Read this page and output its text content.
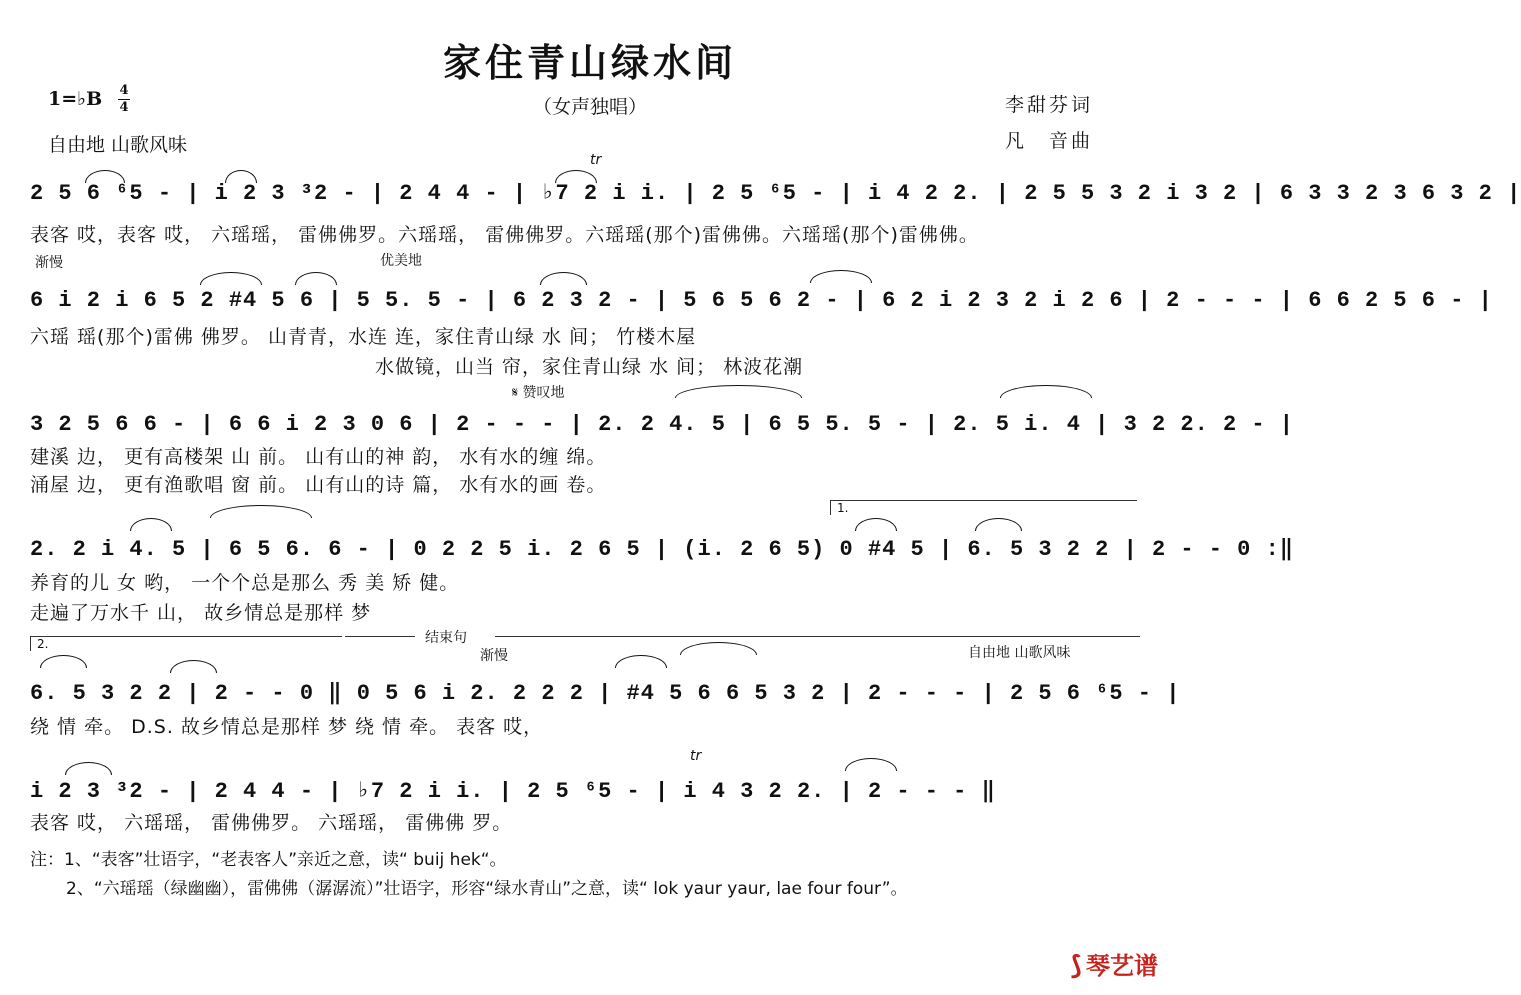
家住青山绿水间
（女声独唱）
1=♭B 4
4
自由地 山歌风味
李甜芬词
凡　音曲
tr
2 5 6 ⁶5 - | i 2 3 ³2 - | 2 4 4 - | ♭7 2 i i. | 2 5 ⁶5 - | i 4 2 2. | 2 5 5 3 2 i 3 2 | 6 3 3 2 3 6 3 2 |
表客 哎，表客 哎， 六瑶瑶， 雷佛佛罗。六瑶瑶， 雷佛佛罗。六瑶瑶(那个)雷佛佛。六瑶瑶(那个)雷佛佛。
渐慢	优美地
6 i 2 i 6 5 2 #4 5 6 | 5 5. 5 - | 6 2 3 2 - | 5 6 5 6 2 - | 6 2 i 2 3 2 i 2 6 | 2 - - - | 6 6 2 5 6 - |
六瑶 瑶(那个)雷佛 佛罗。 山青青，水连 连，家住青山绿 水 间； 竹楼木屋
水做镜，山当 帘，家住青山绿 水 间； 林波花潮
𝄋 赞叹地
3 2 5 6 6 - | 6 6 i 2 3 0 6 | 2 - - - | 2. 2 4. 5 | 6 5 5. 5 - | 2. 5 i. 4 | 3 2 2. 2 - |
建溪 边， 更有高楼架 山 前。 山有山的神 韵， 水有水的缠 绵。
涌屋 边， 更有渔歌唱 窗 前。 山有山的诗 篇， 水有水的画 卷。
1.
2. 2 i 4. 5 | 6 5 6. 6 - | 0 2 2 5 i. 2 6 5 | (i. 2 6 5) 0 #4 5 | 6. 5 3 2 2 | 2 - - 0 :‖
养育的儿 女 哟， 一个个总是那么 秀 美 矫 健。
走遍了万水千 山， 故乡情总是那样 梦
2.	结束句
渐慢	自由地 山歌风味
6. 5 3 2 2 | 2 - - 0 ‖ 0 5 6 i 2. 2 2 2 | #4 5 6 6 5 3 2 | 2 - - - | 2 5 6 ⁶5 - |
绕 情 牵。 D.S. 故乡情总是那样 梦 绕 情 牵。 表客 哎，
tr
i 2 3 ³2 - | 2 4 4 - | ♭7 2 i i. | 2 5 ⁶5 - | i 4 3 2 2. | 2 - - - ‖
表客 哎， 六瑶瑶， 雷佛佛罗。 六瑶瑶， 雷佛佛 罗。
注：1、“表客”壮语字，“老表客人”亲近之意，读“ buij hek“。
2、“六瑶瑶（绿幽幽），雷佛佛（潺潺流）”壮语字，形容“绿水青山”之意，读“ lok yaur yaur, lae four four”。
⟆ 琴艺谱
